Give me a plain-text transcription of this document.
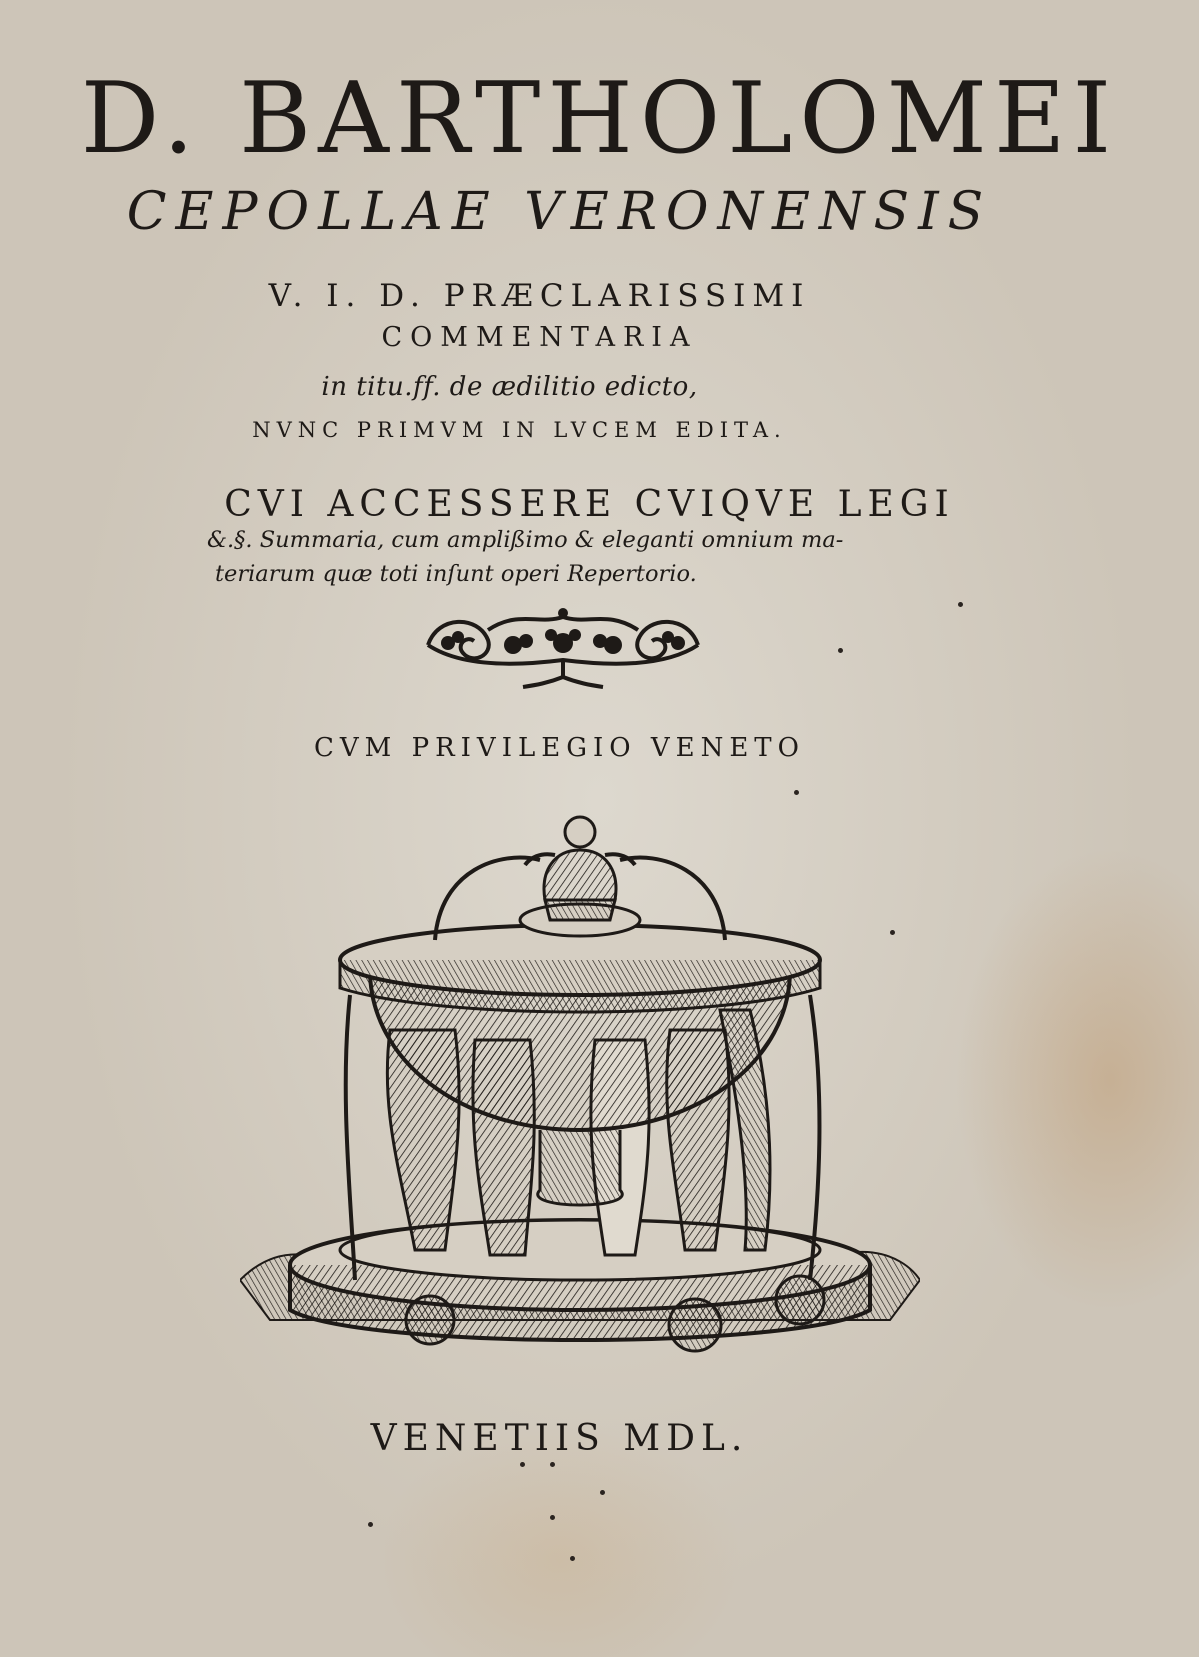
D. BARTHOLOMEI
CEPOLLAE VERONENSIS
V. I. D. PRÆCLARISSIMI
COMMENTARIA
in titu.ff. de ædilitio edicto,
NVNC PRIMVM IN LVCEM EDITA.
CVI ACCESSERE CVIQVE LEGI
&.§. Summaria, cum amplißimo & eleganti omnium ma-
teriarum quæ toti inſunt operi Repertorio.
CVM PRIVILEGIO VENETO
VENETIIS MDL.
